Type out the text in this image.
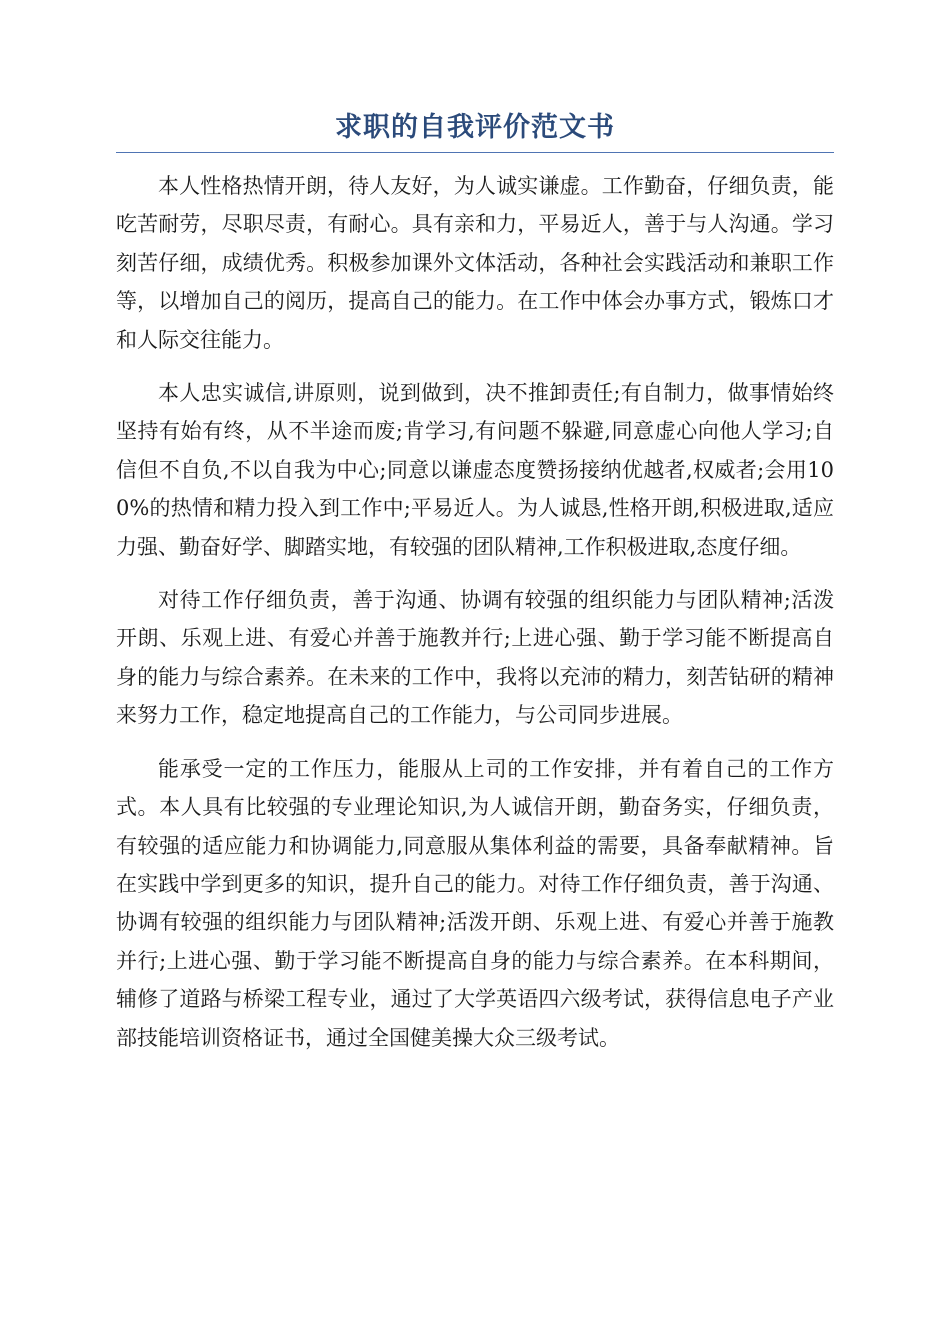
求职的自我评价范文书

本人性格热情开朗，待人友好，为人诚实谦虚。工作勤奋，仔细负责，能吃苦耐劳，尽职尽责，有耐心。具有亲和力，平易近人，善于与人沟通。学习刻苦仔细，成绩优秀。积极参加课外文体活动，各种社会实践活动和兼职工作等，以增加自己的阅历，提高自己的能力。在工作中体会办事方式，锻炼口才和人际交往能力。

本人忠实诚信,讲原则，说到做到，决不推卸责任;有自制力，做事情始终坚持有始有终，从不半途而废;肯学习,有问题不躲避,同意虚心向他人学习;自信但不自负,不以自我为中心;同意以谦虚态度赞扬接纳优越者,权威者;会用100%的热情和精力投入到工作中;平易近人。为人诚恳,性格开朗,积极进取,适应力强、勤奋好学、脚踏实地，有较强的团队精神,工作积极进取,态度仔细。

对待工作仔细负责，善于沟通、协调有较强的组织能力与团队精神;活泼开朗、乐观上进、有爱心并善于施教并行;上进心强、勤于学习能不断提高自身的能力与综合素养。在未来的工作中，我将以充沛的精力，刻苦钻研的精神来努力工作，稳定地提高自己的工作能力，与公司同步进展。

能承受一定的工作压力，能服从上司的工作安排，并有着自己的工作方式。本人具有比较强的专业理论知识,为人诚信开朗，勤奋务实，仔细负责，有较强的适应能力和协调能力,同意服从集体利益的需要，具备奉献精神。旨在实践中学到更多的知识，提升自己的能力。对待工作仔细负责，善于沟通、协调有较强的组织能力与团队精神;活泼开朗、乐观上进、有爱心并善于施教并行;上进心强、勤于学习能不断提高自身的能力与综合素养。在本科期间，辅修了道路与桥梁工程专业，通过了大学英语四六级考试，获得信息电子产业部技能培训资格证书，通过全国健美操大众三级考试。
